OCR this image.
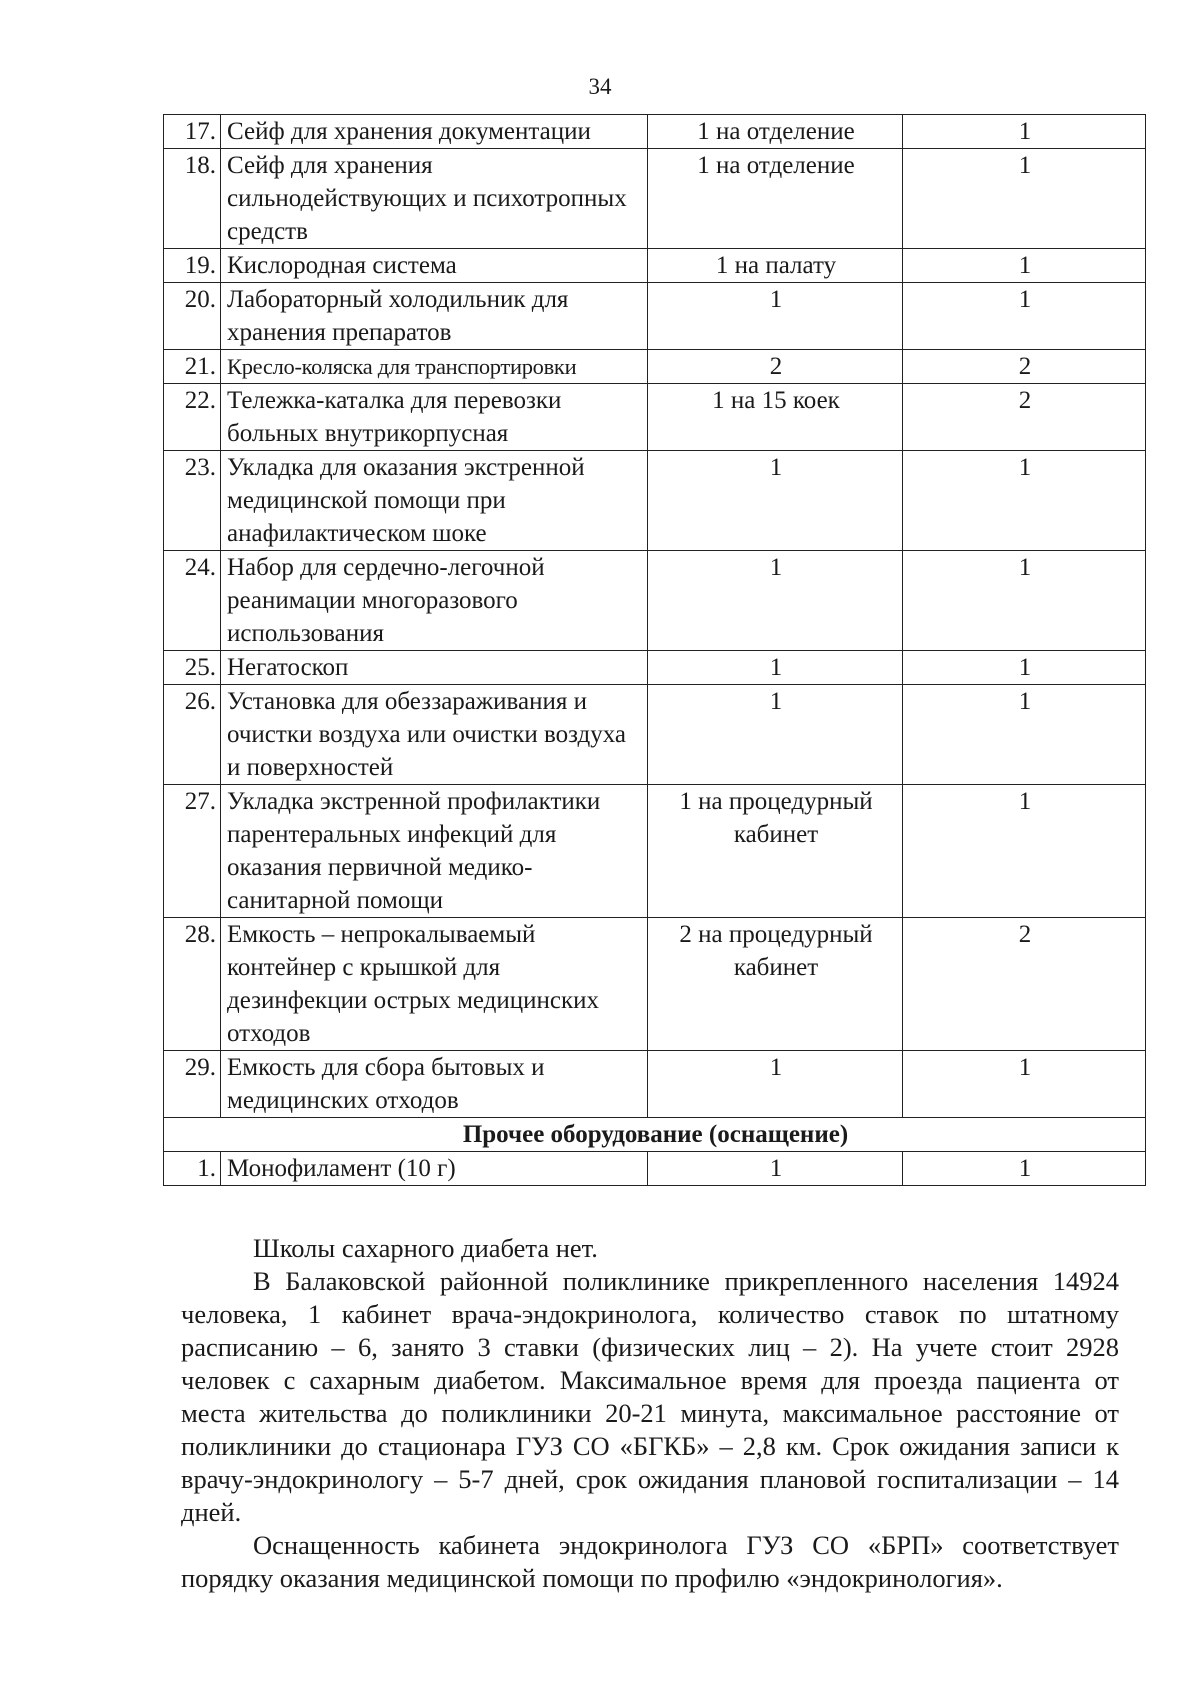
34
17.	Сейф для хранения документации	1 на отделение	1
18.	Сейф для хранения сильнодействующих и психотропных средств	1 на отделение	1
19.	Кислородная система	1 на палату	1
20.	Лабораторный холодильник для хранения препаратов	1	1
21.	Кресло-коляска для транспортировки	2	2
22.	Тележка-каталка для перевозки больных внутрикорпусная	1 на 15 коек	2
23.	Укладка для оказания экстренной медицинской помощи при анафилактическом шоке	1	1
24.	Набор для сердечно-легочной реанимации многоразового использования	1	1
25.	Негатоскоп	1	1
26.	Установка для обеззараживания и очистки воздуха или очистки воздуха и поверхностей	1	1
27.	Укладка экстренной профилактики парентеральных инфекций для оказания первичной медико-санитарной помощи	1 на процедурный кабинет	1
28.	Емкость – непрокалываемый контейнер с крышкой для дезинфекции острых медицинских отходов	2 на процедурный кабинет	2
29.	Емкость для сбора бытовых и медицинских отходов	1	1
Прочее оборудование (оснащение)			
1.	Монофиламент (10 г)	1	1

Школы сахарного диабета нет.

В Балаковской районной поликлинике прикрепленного населения 14924 человека, 1 кабинет врача-эндокринолога, количество ставок по штатному расписанию – 6, занято 3 ставки (физических лиц – 2). На учете стоит 2928 человек с сахарным диабетом. Максимальное время для проезда пациента от места жительства до поликлиники 20-21 минута, максимальное расстояние от поликлиники до стационара ГУЗ СО «БГКБ» – 2,8 км. Срок ожидания записи к врачу-эндокринологу – 5-7 дней, срок ожидания плановой госпитализации – 14 дней.

Оснащенность кабинета эндокринолога ГУЗ СО «БРП» соответствует порядку оказания медицинской помощи по профилю «эндокринология».
